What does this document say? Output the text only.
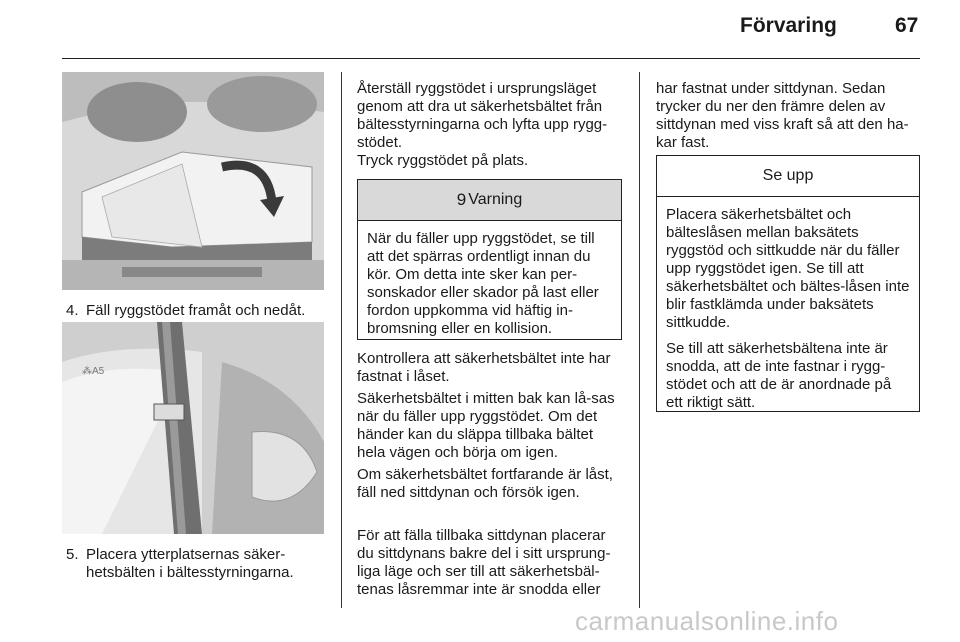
Förvaring	67
4. Fäll ryggstödet framåt och nedåt.
⁂A5
5. Placera ytterplatsernas säker-hetsbälten i bältesstyrningarna.
Återställ ryggstödet i ursprungsläget genom att dra ut säkerhetsbältet från bältesstyrningarna och lyfta upp rygg-stödet.
Tryck ryggstödet på plats.
9 Varning
När du fäller upp ryggstödet, se till att det spärras ordentligt innan du kör. Om detta inte sker kan per-sonskador eller skador på last eller fordon uppkomma vid häftig in-bromsning eller en kollision.
Kontrollera att säkerhetsbältet inte har fastnat i låset.
Säkerhetsbältet i mitten bak kan lå-sas när du fäller upp ryggstödet. Om det händer kan du släppa tillbaka bältet hela vägen och börja om igen.
Om säkerhetsbältet fortfarande är låst, fäll ned sittdynan och försök igen.
För att fälla tillbaka sittdynan placerar du sittdynans bakre del i sitt ursprung-liga läge och ser till att säkerhetsbäl-tenas låsremmar inte är snodda eller
har fastnat under sittdynan. Sedan trycker du ner den främre delen av sittdynan med viss kraft så att den ha-kar fast.
Se upp

Placera säkerhetsbältet och bälteslåsen mellan baksätets ryggstöd och sittkudde när du fäller upp ryggstödet igen. Se till att säkerhetsbältet och bältes-låsen inte blir fastklämda under baksätets sittkudde.

Se till att säkerhetsbältena inte är snodda, att de inte fastnar i rygg-stödet och att de är anordnade på ett riktigt sätt.

carmanualsonline.info
